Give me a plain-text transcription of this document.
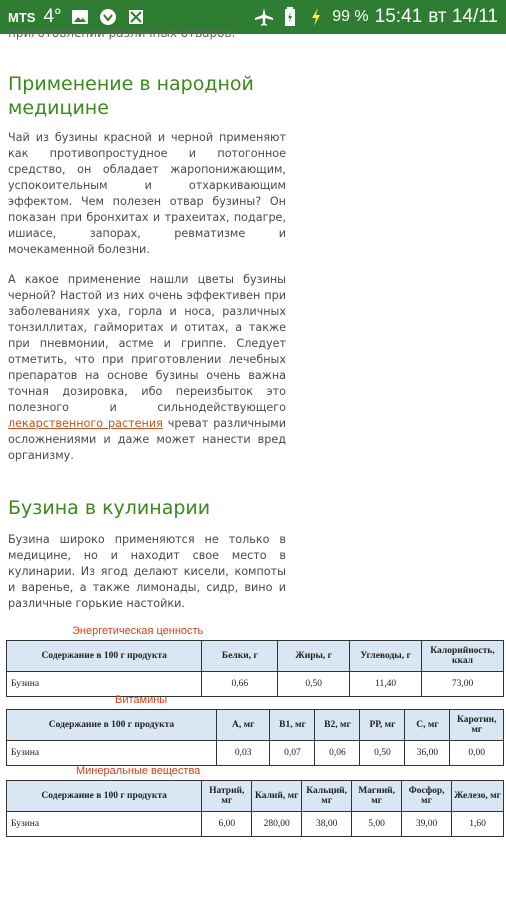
MTS 4°	99 % 15:41 вт 14/11
приготовлении различных отваров.
Применение в народной медицине

Чай из бузины красной и черной применяют как противопростудное и потогонное средство, он обладает жаропонижающим, успокоительным и отхаркивающим эффектом. Чем полезен отвар бузины? Он показан при бронхитах и трахеитах, подагре, ишиасе, запорах, ревматизме и мочекаменной болезни.

А какое применение нашли цветы бузины черной? Настой из них очень эффективен при заболеваниях уха, горла и носа, различных тонзиллитах, гайморитах и отитах, а также при пневмонии, астме и гриппе. Следует отметить, что при приготовлении лечебных препаратов на основе бузины очень важна точная дозировка, ибо переизбыток это полезного и сильнодействующего лекарственного растения чреват различными осложнениями и даже может нанести вред организму.

Бузина в кулинарии

Бузина широко применяются не только в медицине, но и находит свое место в кулинарии. Из ягод делают кисели, компоты и варенье, а также лимонады, сидр, вино и различные горькие настойки.

Энергетическая ценность
Содержание в 100 г продукта	Белки, г	Жиры, г	Углеводы, г	Калорийность, ккал
Бузина	0,66	0,50	11,40	73,00
Витамины
Содержание в 100 г продукта	А, мг	В1, мг	В2, мг	РР, мг	С, мг	Каротин, мг
Бузина	0,03	0,07	0,06	0,50	36,00	0,00
Минеральные вещества
Содержание в 100 г продукта	Натрий, мг	Калий, мг	Кальций, мг	Магний, мг	Фосфор, мг	Железо, мг
Бузина	6,00	280,00	38,00	5,00	39,00	1,60
